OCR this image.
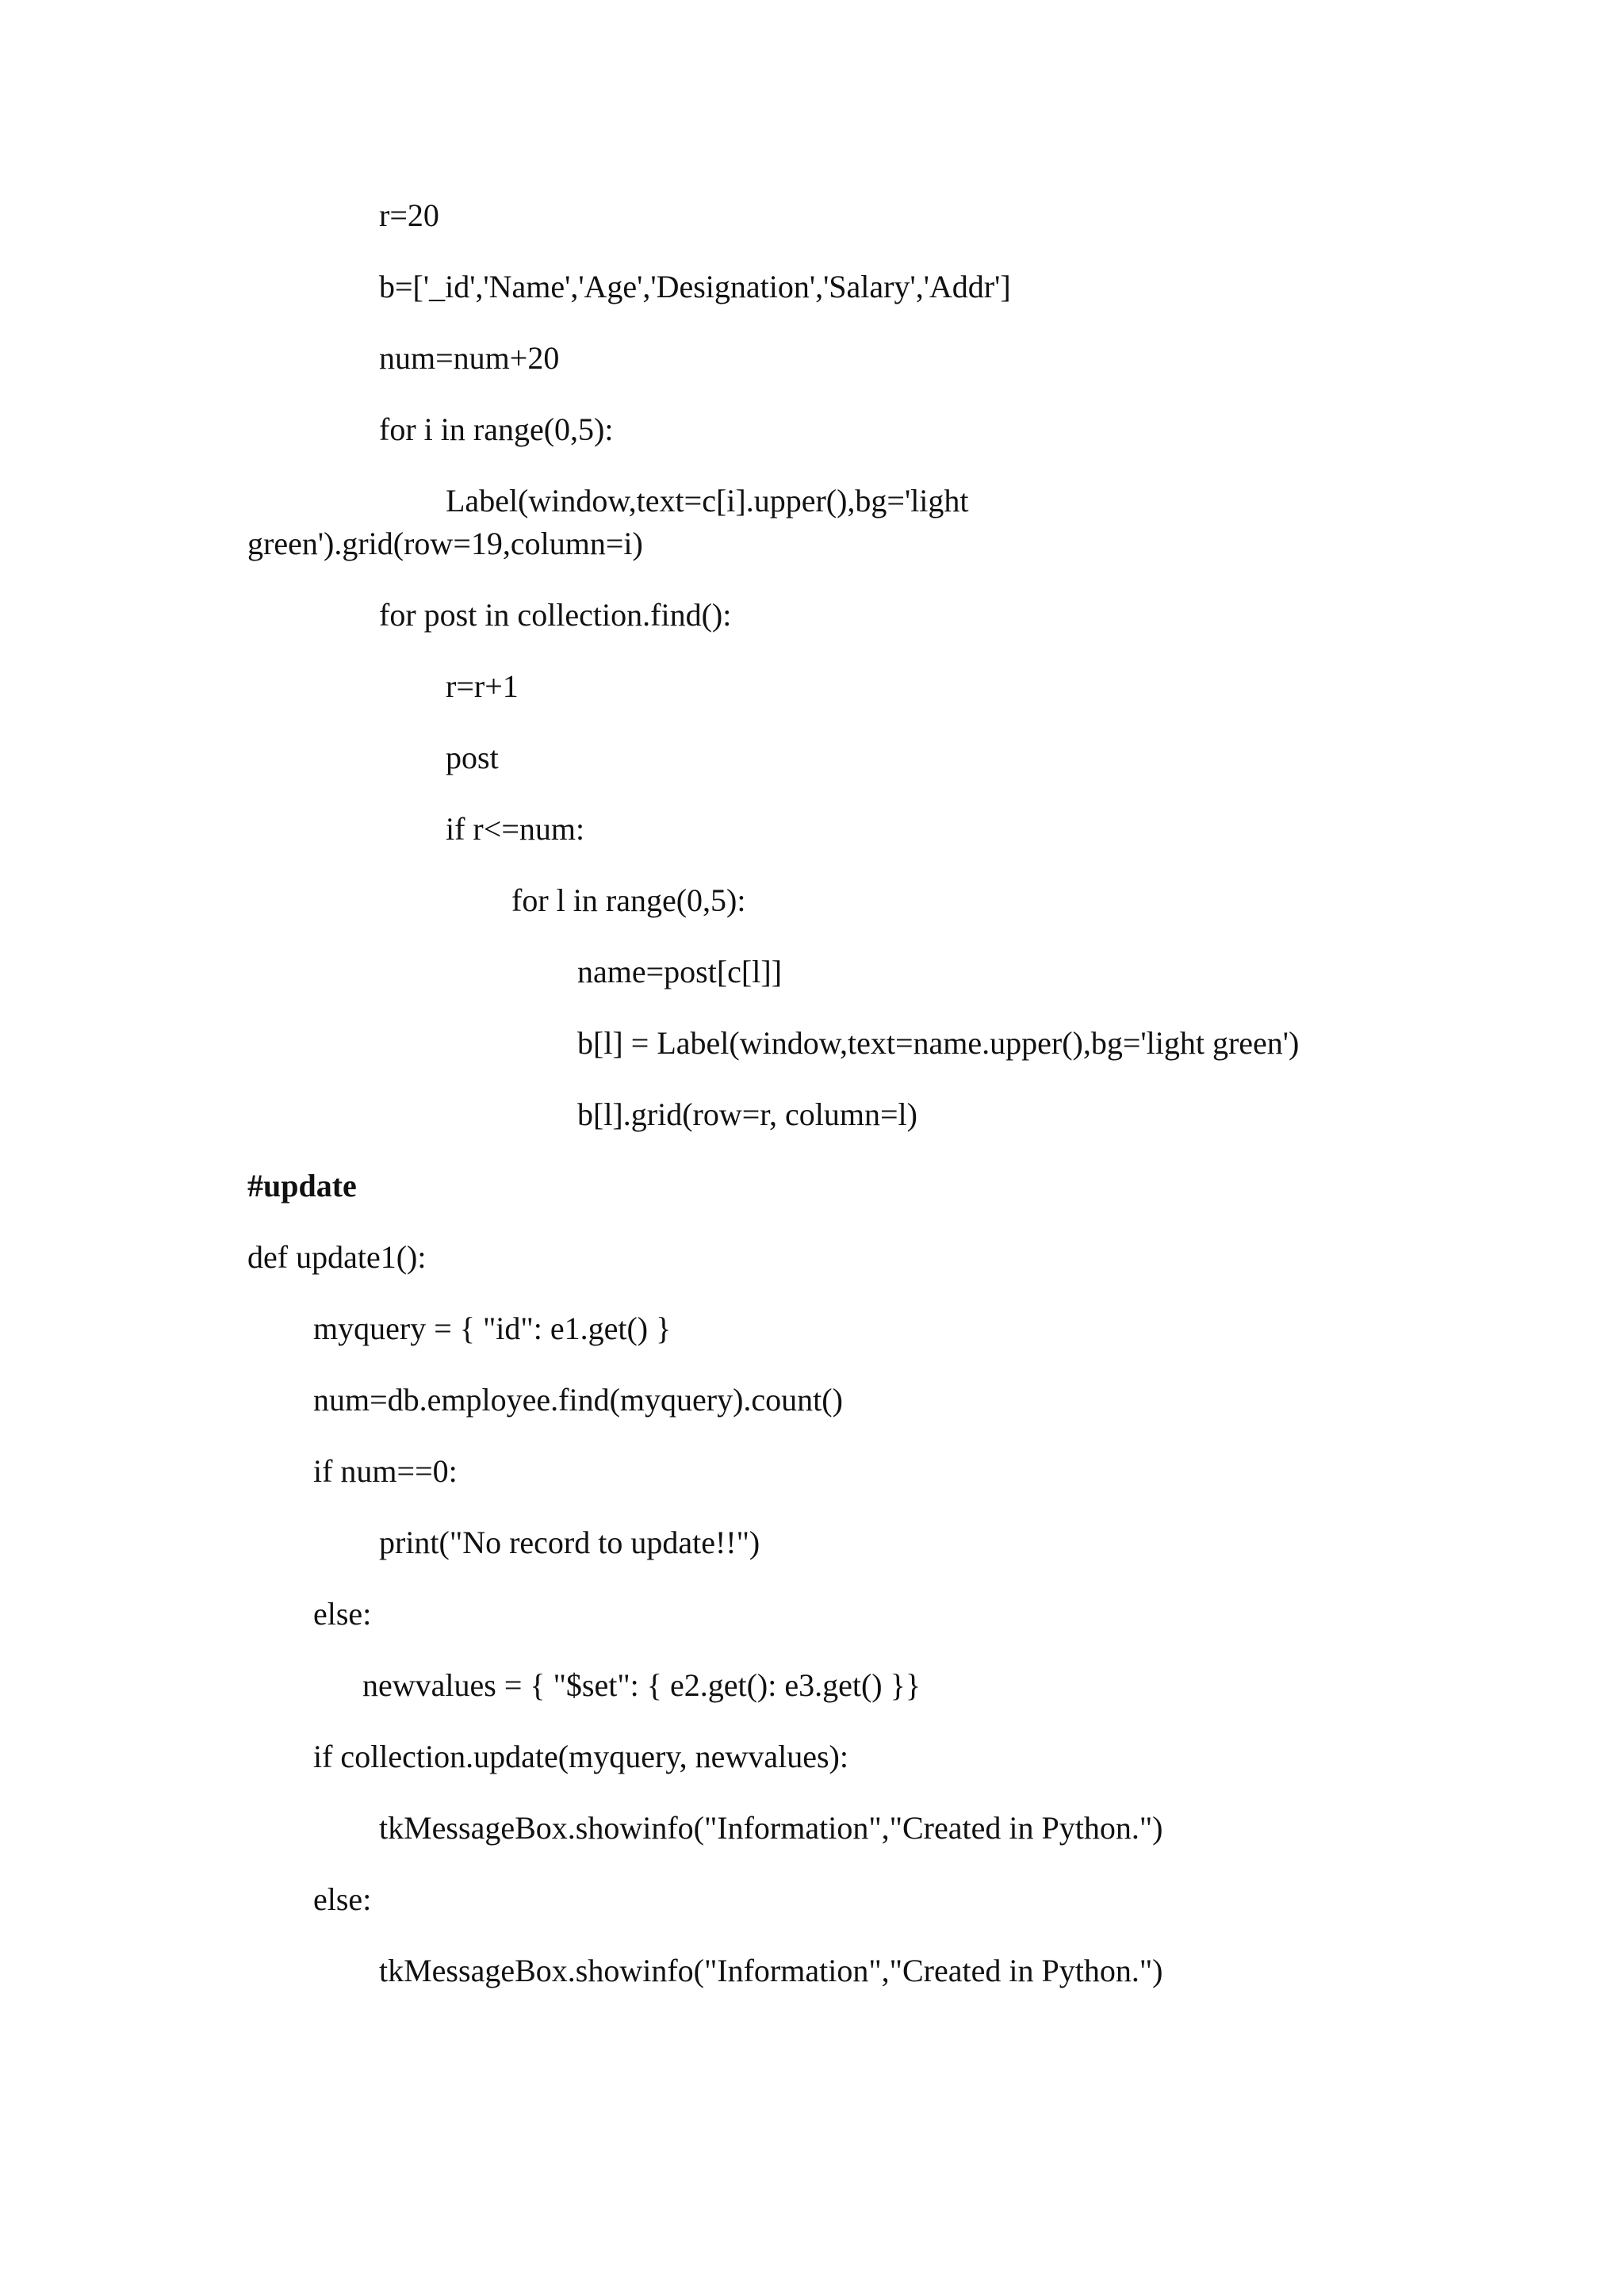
r=20
b=['_id','Name','Age','Designation','Salary','Addr']
num=num+20
for i in range(0,5):
Label(window,text=c[i].upper(),bg='light
green').grid(row=19,column=i)
for post in collection.find():
r=r+1
post
if r<=num:
for l in range(0,5):
name=post[c[l]]
b[l] = Label(window,text=name.upper(),bg='light green')
b[l].grid(row=r, column=l)
#update
def update1():
myquery = { "id": e1.get() }
num=db.employee.find(myquery).count()
if num==0:
print("No record to update!!")
else:
newvalues = { "$set": { e2.get(): e3.get() }}
if collection.update(myquery, newvalues):
tkMessageBox.showinfo("Information","Created in Python.")
else:
tkMessageBox.showinfo("Information","Created in Python.")
